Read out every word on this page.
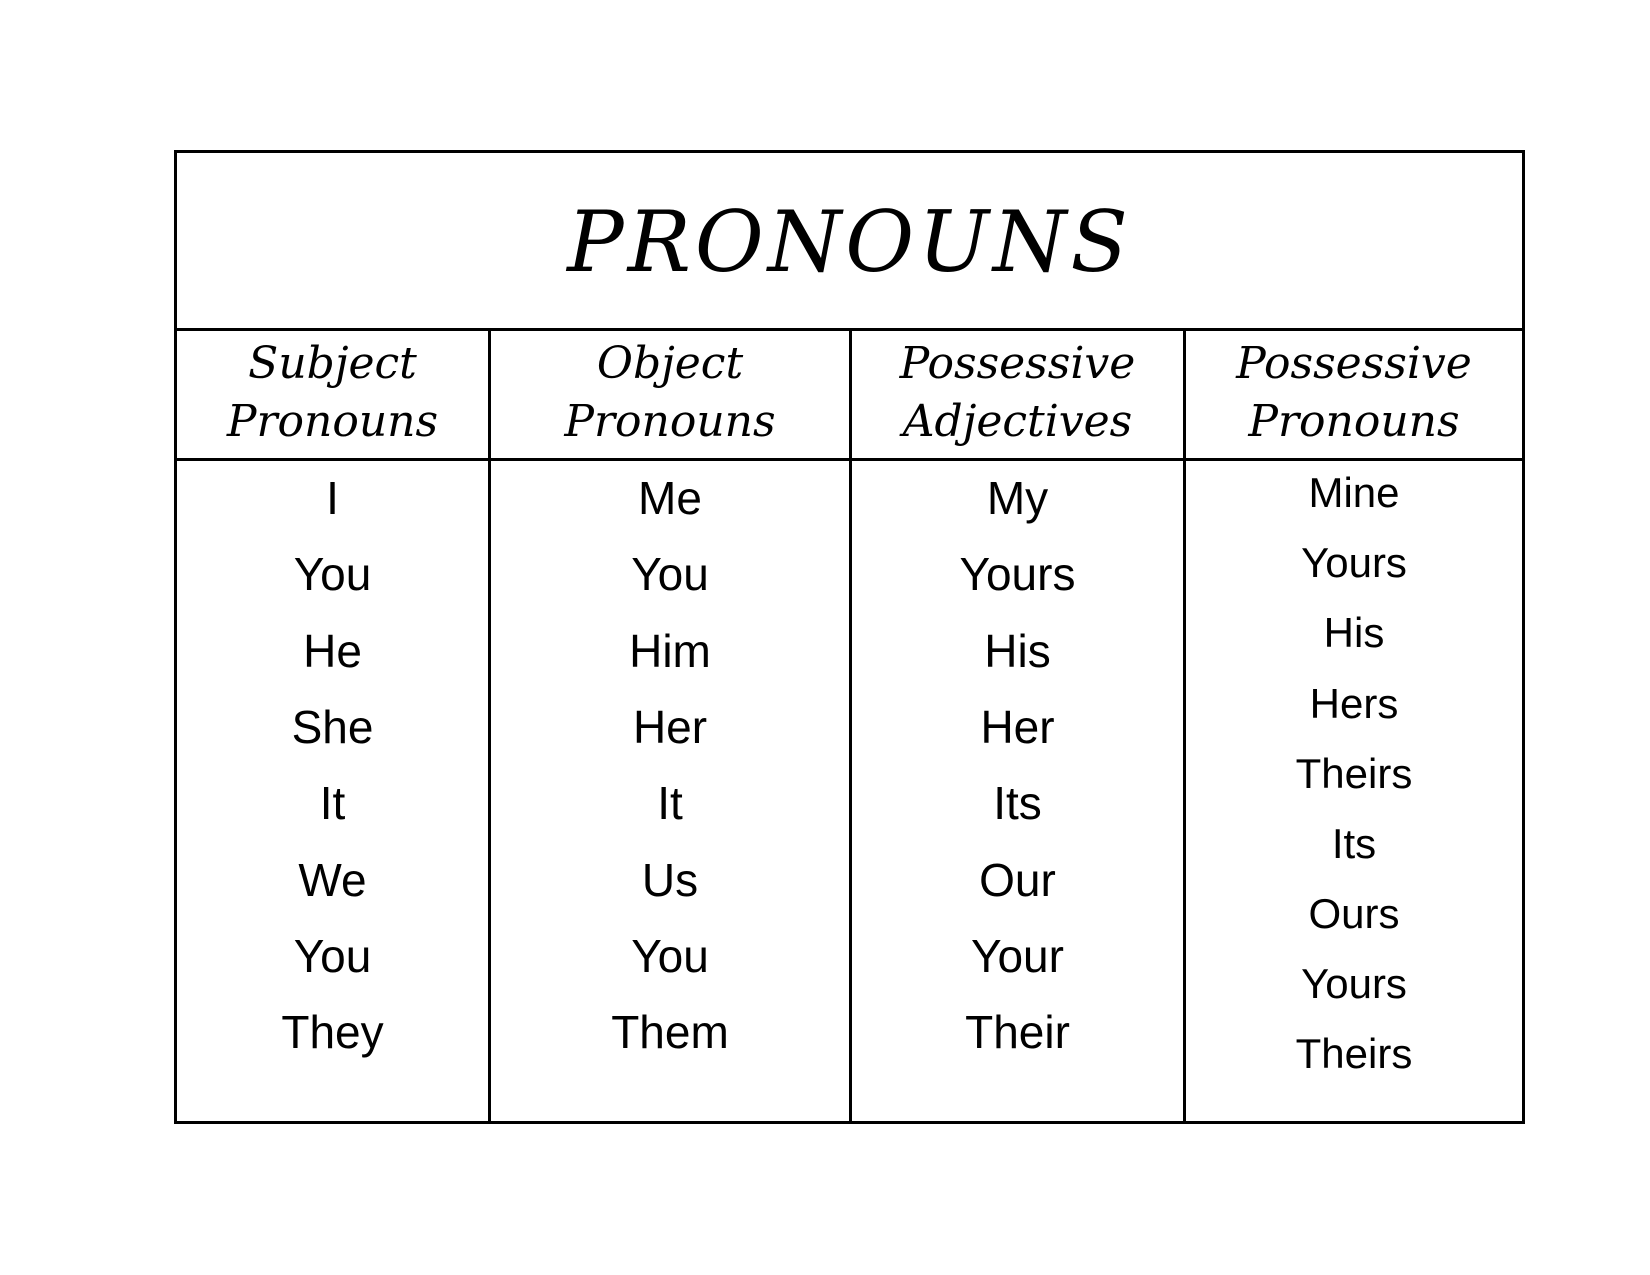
PRONOUNS
Subject
Pronouns
Object
Pronouns
Possessive
Adjectives
Possessive
Pronouns
I
You
He
She
It
We
You
They
Me
You
Him
Her
It
Us
You
Them
My
Yours
His
Her
Its
Our
Your
Their
Mine
Yours
His
Hers
Theirs
Its
Ours
Yours
Theirs
